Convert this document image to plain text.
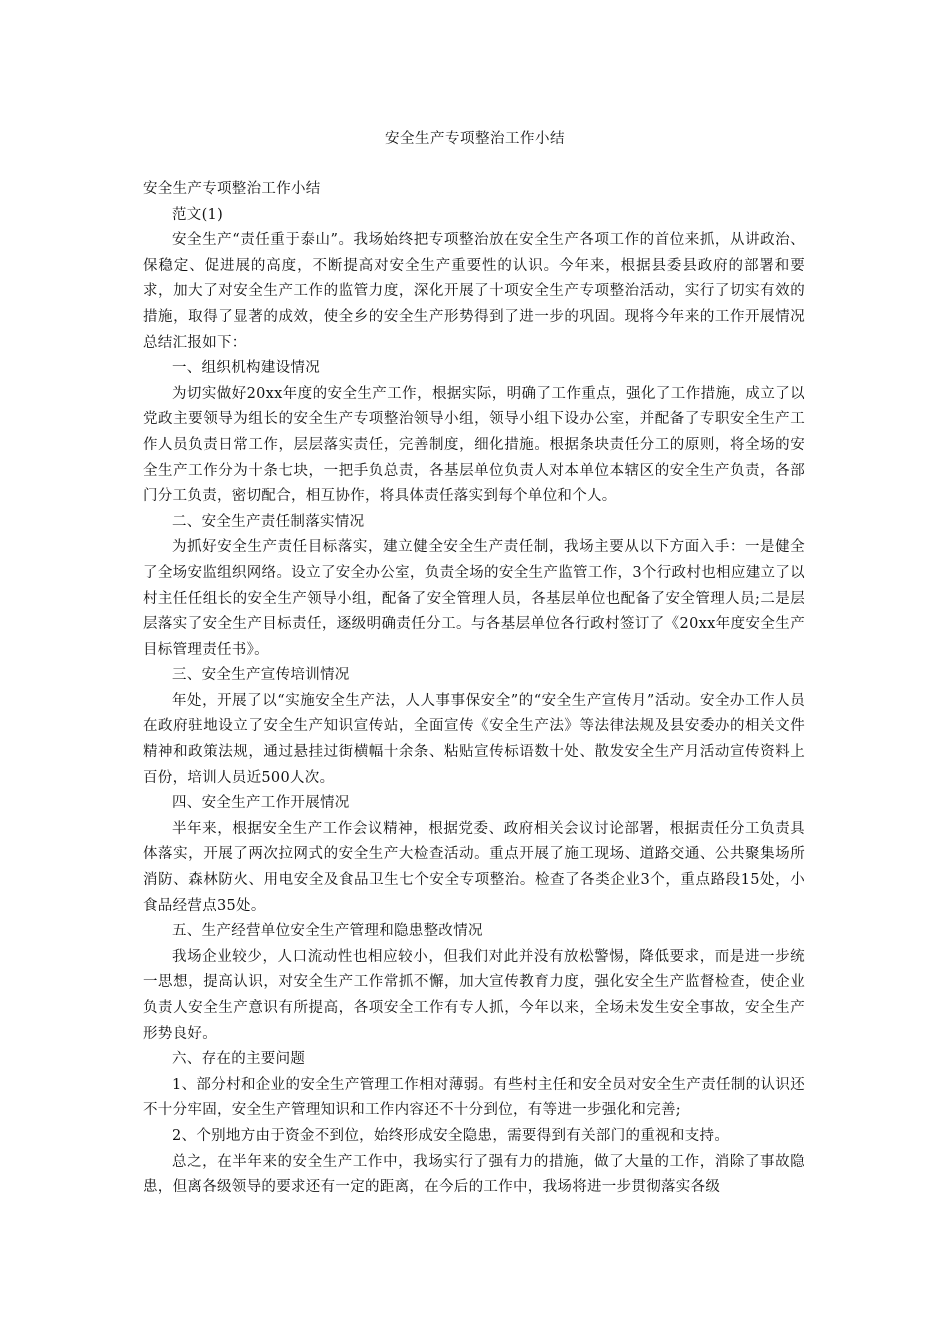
安全生产专项整治工作小结

安全生产专项整治工作小结

范文(1)

安全生产“责任重于泰山”。我场始终把专项整治放在安全生产各项工作的首位来抓，从讲政治、保稳定、促进展的高度，不断提高对安全生产重要性的认识。今年来，根据县委县政府的部署和要求，加大了对安全生产工作的监管力度，深化开展了十项安全生产专项整治活动，实行了切实有效的措施，取得了显著的成效，使全乡的安全生产形势得到了进一步的巩固。现将今年来的工作开展情况总结汇报如下：

一、组织机构建设情况

为切实做好20xx年度的安全生产工作，根据实际，明确了工作重点，强化了工作措施，成立了以党政主要领导为组长的安全生产专项整治领导小组，领导小组下设办公室，并配备了专职安全生产工作人员负责日常工作，层层落实责任，完善制度，细化措施。根据条块责任分工的原则，将全场的安全生产工作分为十条七块，一把手负总责，各基层单位负责人对本单位本辖区的安全生产负责，各部门分工负责，密切配合，相互协作，将具体责任落实到每个单位和个人。

二、安全生产责任制落实情况

为抓好安全生产责任目标落实，建立健全安全生产责任制，我场主要从以下方面入手：一是健全了全场安监组织网络。设立了安全办公室，负责全场的安全生产监管工作，3个行政村也相应建立了以村主任任组长的安全生产领导小组，配备了安全管理人员，各基层单位也配备了安全管理人员;二是层层落实了安全生产目标责任，逐级明确责任分工。与各基层单位各行政村签订了《20xx年度安全生产目标管理责任书》。

三、安全生产宣传培训情况

年处，开展了以“实施安全生产法，人人事事保安全”的“安全生产宣传月”活动。安全办工作人员在政府驻地设立了安全生产知识宣传站，全面宣传《安全生产法》等法律法规及县安委办的相关文件精神和政策法规，通过悬挂过街横幅十余条、粘贴宣传标语数十处、散发安全生产月活动宣传资料上百份，培训人员近500人次。

四、安全生产工作开展情况

半年来，根据安全生产工作会议精神，根据党委、政府相关会议讨论部署，根据责任分工负责具体落实，开展了两次拉网式的安全生产大检查活动。重点开展了施工现场、道路交通、公共聚集场所消防、森林防火、用电安全及食品卫生七个安全专项整治。检查了各类企业3个，重点路段15处，小食品经营点35处。

五、生产经营单位安全生产管理和隐患整改情况

我场企业较少，人口流动性也相应较小，但我们对此并没有放松警惕，降低要求，而是进一步统一思想，提高认识，对安全生产工作常抓不懈，加大宣传教育力度，强化安全生产监督检查，使企业负责人安全生产意识有所提高，各项安全工作有专人抓，今年以来，全场未发生安全事故，安全生产形势良好。

六、存在的主要问题

1、部分村和企业的安全生产管理工作相对薄弱。有些村主任和安全员对安全生产责任制的认识还不十分牢固，安全生产管理知识和工作内容还不十分到位，有等进一步强化和完善;

2、个别地方由于资金不到位，始终形成安全隐患，需要得到有关部门的重视和支持。

总之，在半年来的安全生产工作中，我场实行了强有力的措施，做了大量的工作，消除了事故隐患，但离各级领导的要求还有一定的距离，在今后的工作中，我场将进一步贯彻落实各级
